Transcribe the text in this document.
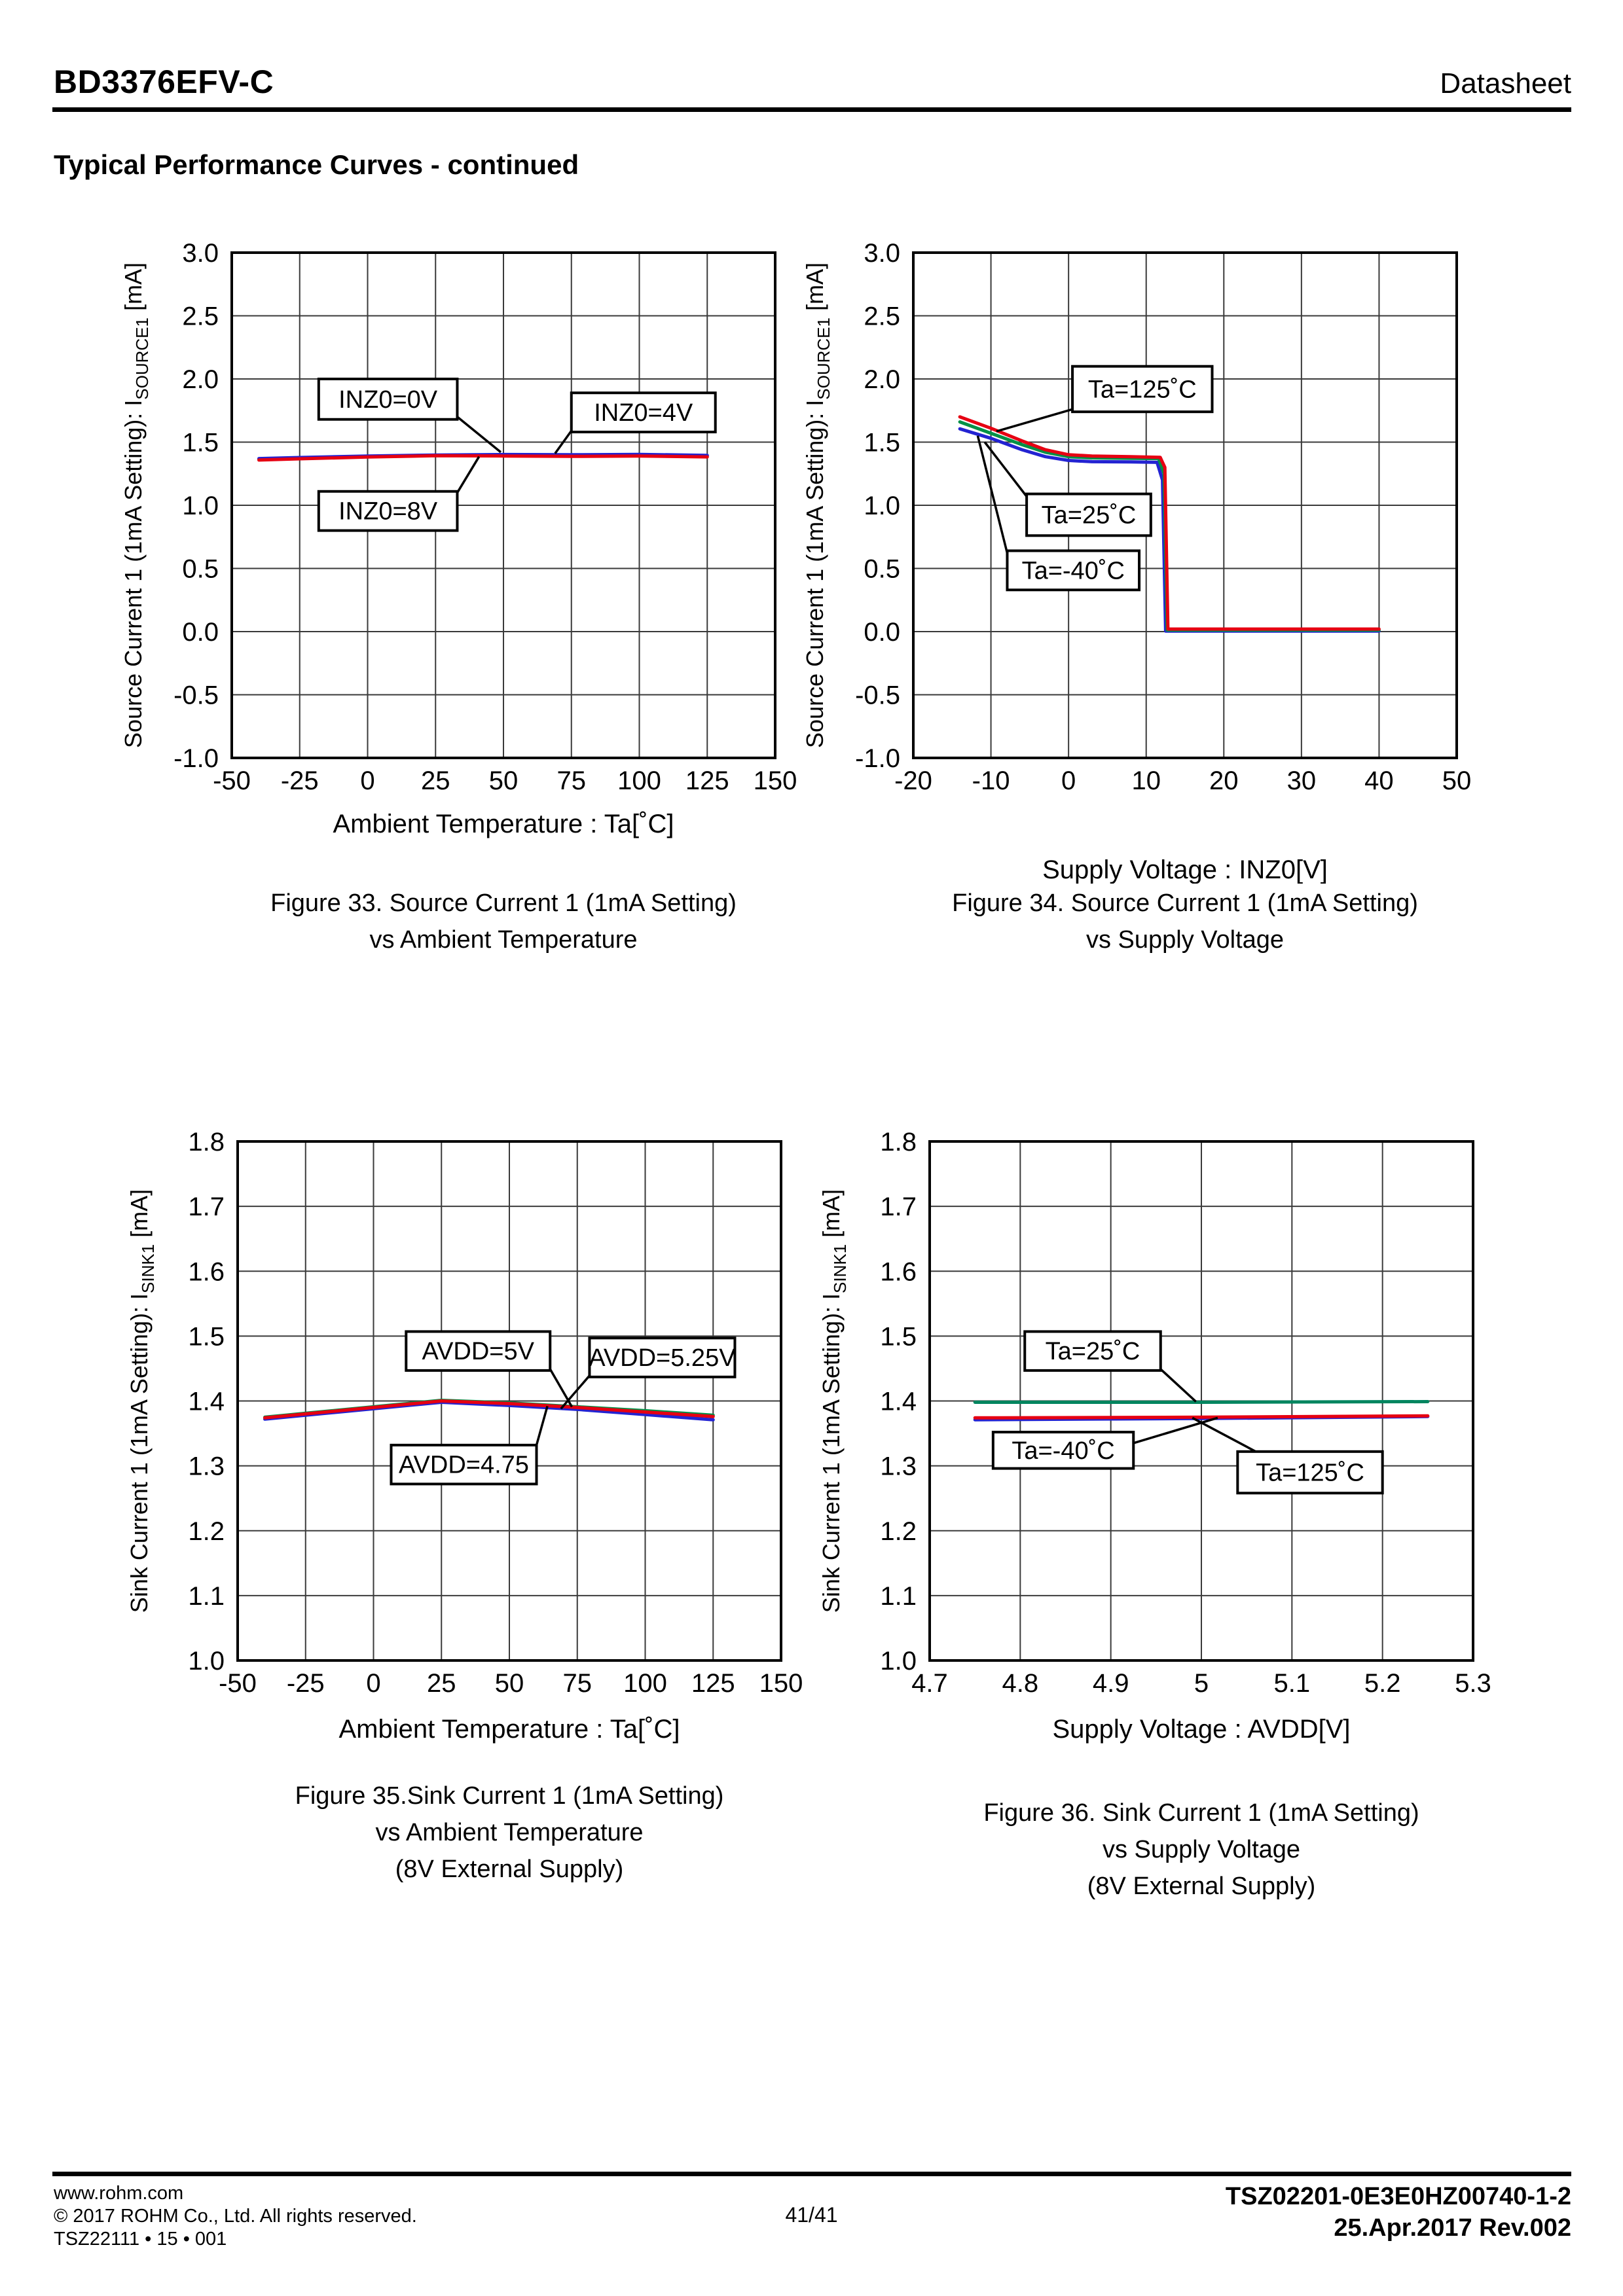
BD3376EFV-C	Datasheet
Typical Performance Curves - continued
-50 -25 0 25 50 75 100 125 150
-1.0
-0.5
0.0
0.5
1.0
1.5
2.0
2.5
3.0
Ambient Temperature : Ta[˚C]
Source Current 1 (1mA Setting): $I_{SOURCE1}$ [mA]
INZ0=0V	INZ0=4V
INZ0=8V
-20 -10 0 10 20 30 40 50
-1.0
-0.5
0.0
0.5
1.0
1.5
2.0
2.5
3.0
Supply Voltage : INZ0[V]
Source Current 1 (1mA Setting): $I_{SOURCE1}$ [mA]
Ta=125˚C
Ta=25˚C
Ta=-40˚C
-50 -25 0 25 50 75 100 125 150
1.0
1.1
1.2
1.3
1.4
1.5
1.6
1.7
1.8
Ambient Temperature : Ta[˚C]
Sink Current 1 (1mA Setting): $I_{SINK1}$ [mA]
AVDD=5V AVDD=5.25V
AVDD=4.75
4.7 4.8 4.9 5 5.1 5.2 5.3
1.0
1.1
1.2
1.3
1.4
1.5
1.6
1.7
1.8
Supply Voltage : AVDD[V]
Sink Current 1 (1mA Setting): $I_{SINK1}$ [mA]
Ta=25˚C
Ta=-40˚C
Ta=125˚C
Figure 33. Source Current 1 (1mA Setting)
vs Ambient Temperature
Figure 34. Source Current 1 (1mA Setting)
vs Supply Voltage
Figure 35.Sink Current 1 (1mA Setting)
vs Ambient Temperature
(8V External Supply)
Figure 36. Sink Current 1 (1mA Setting)
vs Supply Voltage
(8V External Supply)
www.rohm.com
© 2017 ROHM Co., Ltd. All rights reserved.
TSZ22111 • 15 • 001
41/41
TSZ02201-0E3E0HZ00740-1-2
25.Apr.2017 Rev.002
